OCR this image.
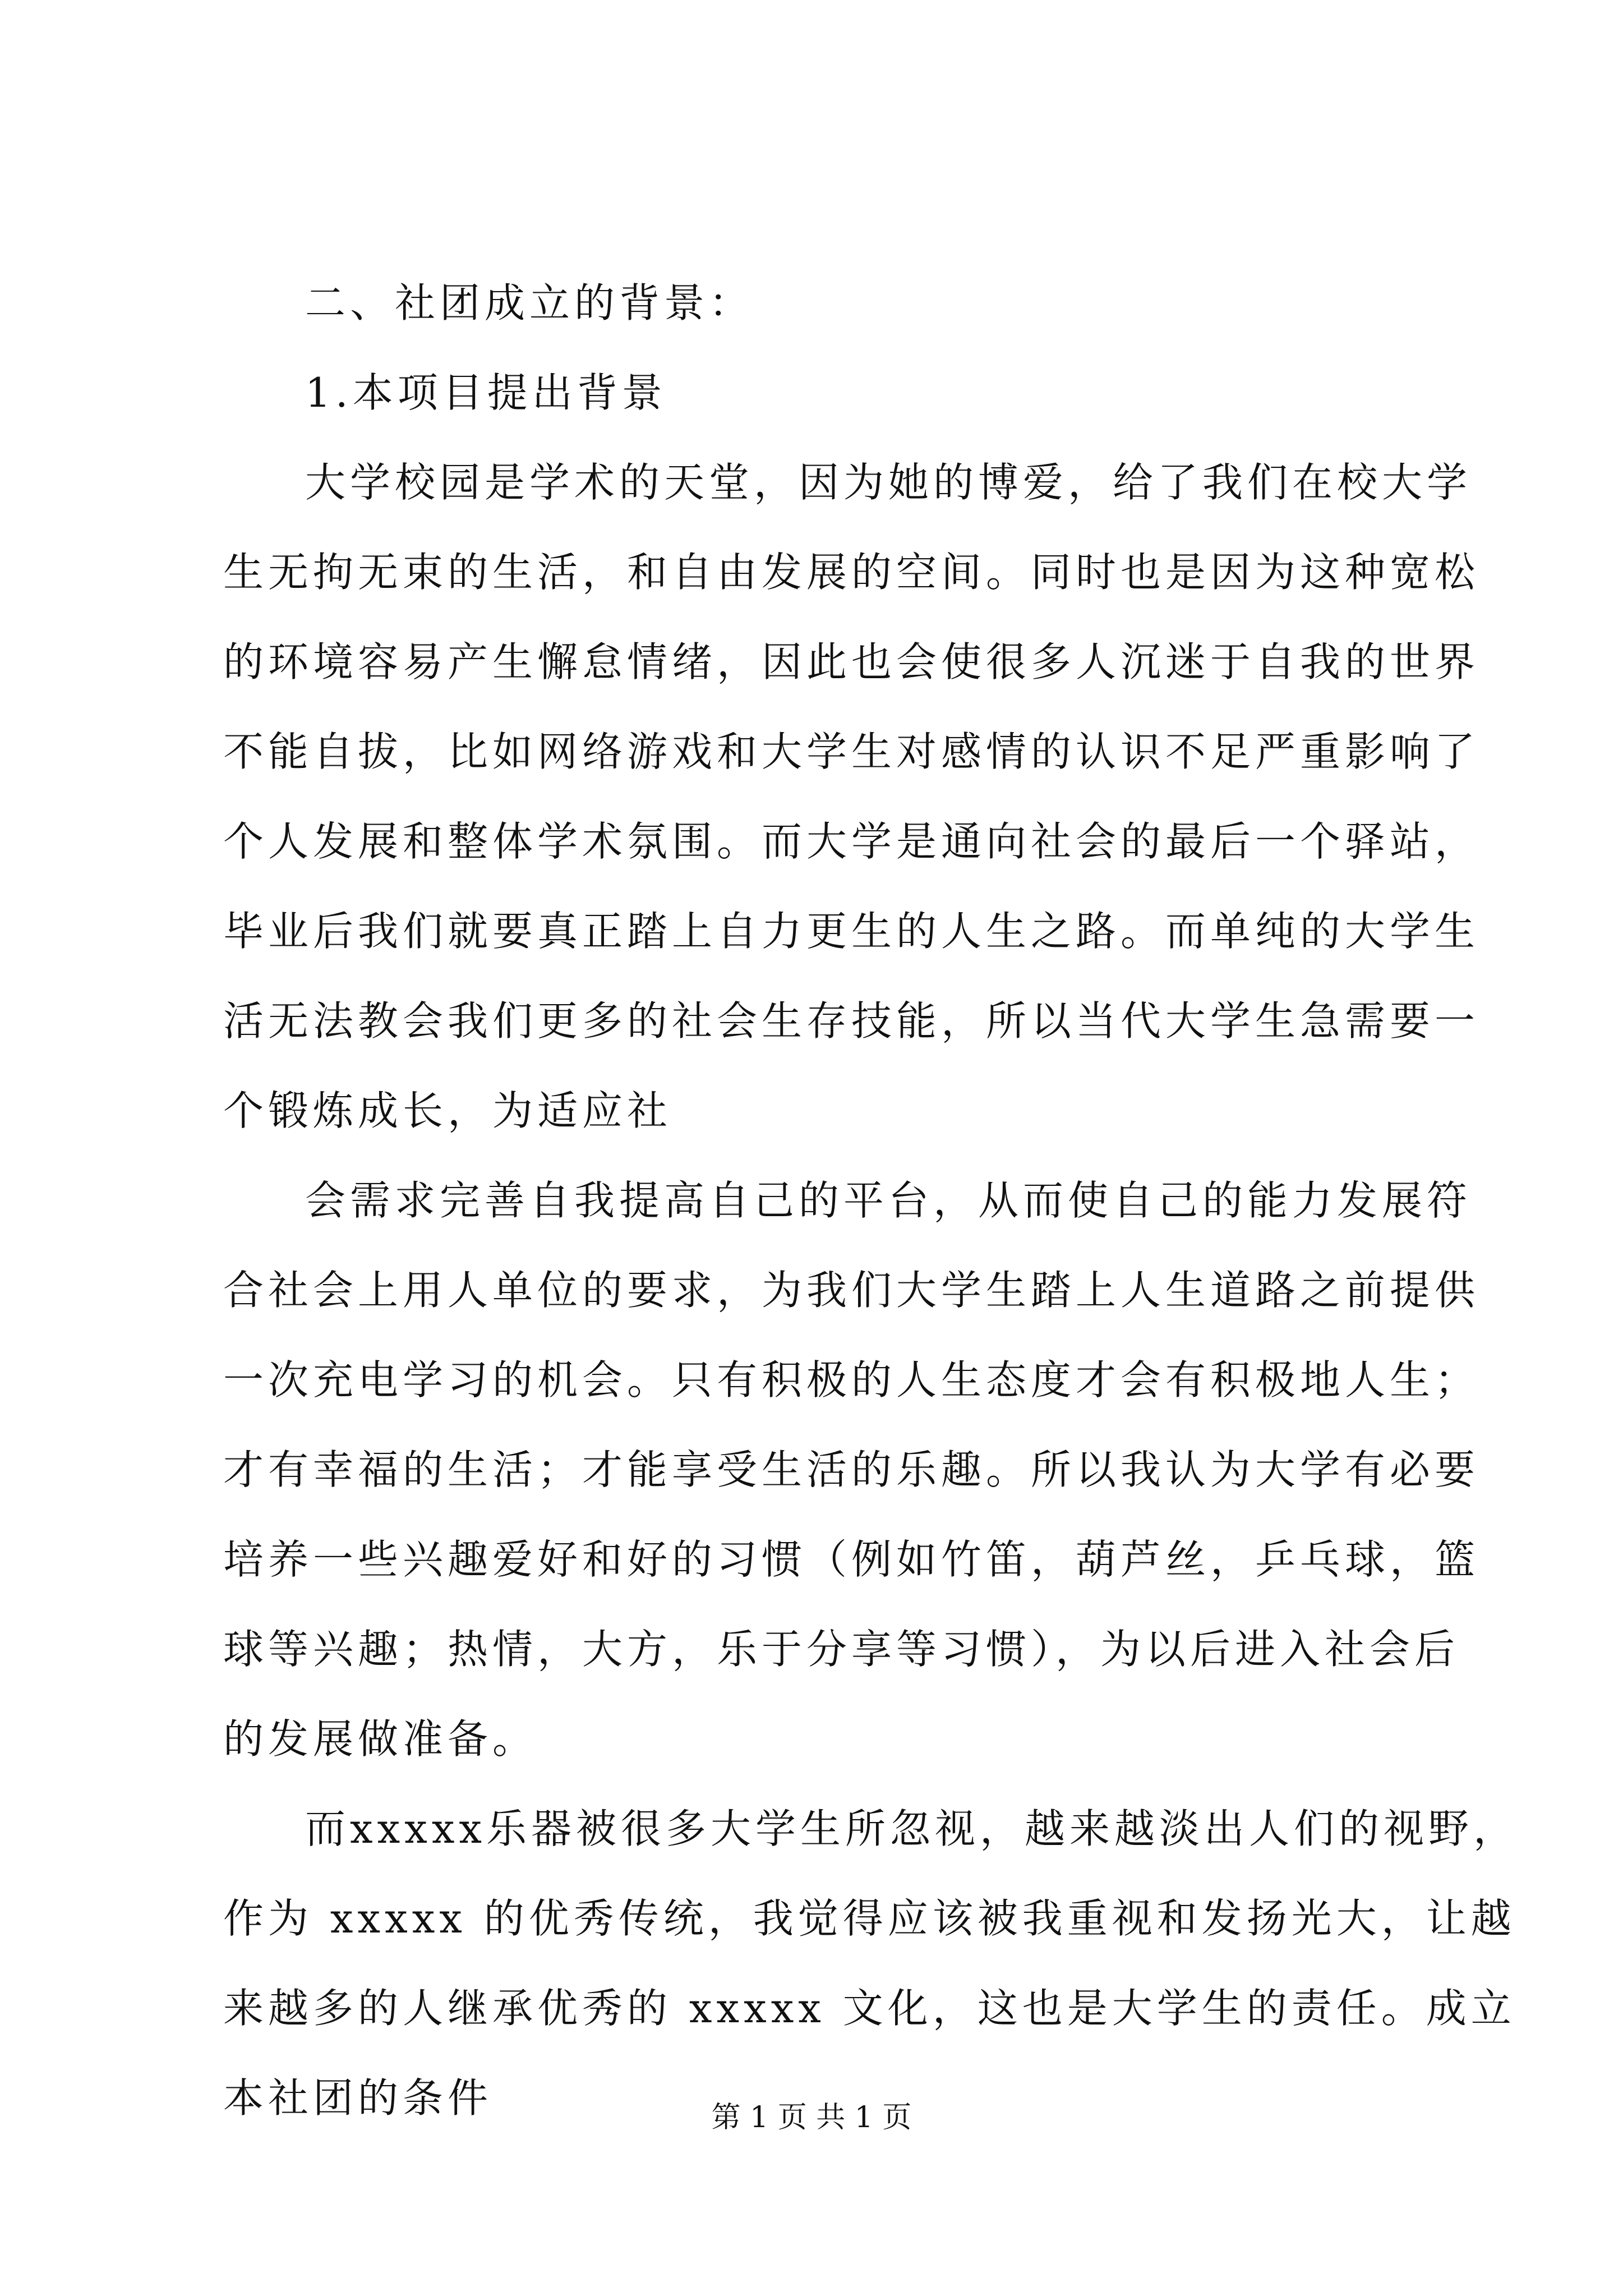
二、社团成立的背景：
1.本项目提出背景
大学校园是学术的天堂，因为她的博爱，给了我们在校大学
生无拘无束的生活，和自由发展的空间。同时也是因为这种宽松
的环境容易产生懈怠情绪，因此也会使很多人沉迷于自我的世界
不能自拔，比如网络游戏和大学生对感情的认识不足严重影响了
个人发展和整体学术氛围。而大学是通向社会的最后一个驿站，
毕业后我们就要真正踏上自力更生的人生之路。而单纯的大学生
活无法教会我们更多的社会生存技能，所以当代大学生急需要一
个锻炼成长，为适应社
会需求完善自我提高自己的平台，从而使自己的能力发展符
合社会上用人单位的要求，为我们大学生踏上人生道路之前提供
一次充电学习的机会。只有积极的人生态度才会有积极地人生；
才有幸福的生活；才能享受生活的乐趣。所以我认为大学有必要
培养一些兴趣爱好和好的习惯（例如竹笛，葫芦丝，乒乓球，篮
球等兴趣；热情，大方，乐于分享等习惯），为以后进入社会后
的发展做准备。
而xxxxx乐器被很多大学生所忽视，越来越淡出人们的视野，
作为 xxxxx 的优秀传统，我觉得应该被我重视和发扬光大，让越
来越多的人继承优秀的 xxxxx 文化，这也是大学生的责任。成立
本社团的条件	第 1 页 共 1 页
